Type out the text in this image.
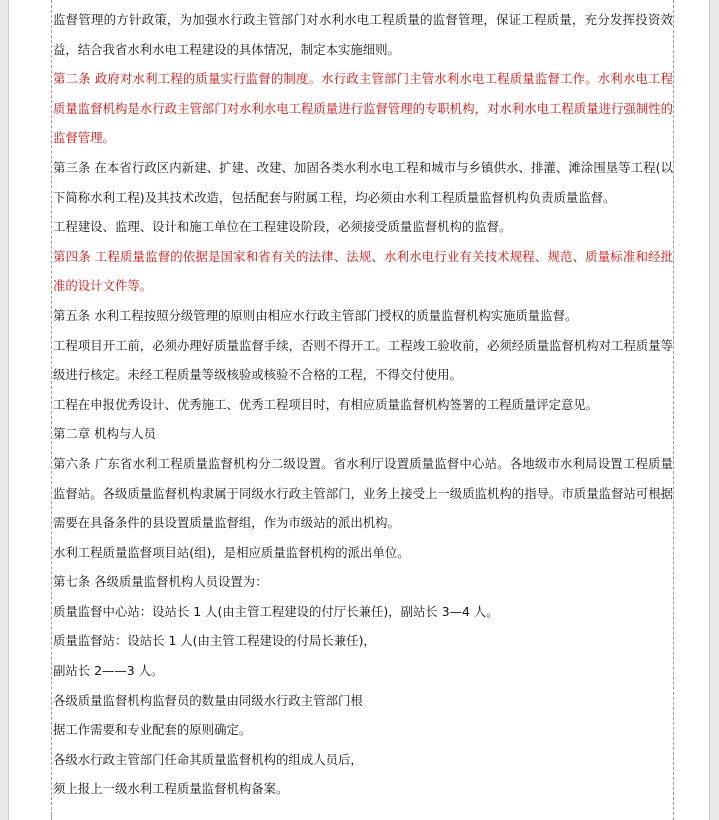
监督管理的方针政策，为加强水行政主管部门对水利水电工程质量的监督管理，保证工程质量，充分发挥投资效益，结合我省水利水电工程建设的具体情况，制定本实施细则。

第二条 政府对水利工程的质量实行监督的制度。水行政主管部门主管水利水电工程质量监督工作。水利水电工程质量监督机构是水行政主管部门对水利水电工程质量进行监督管理的专职机构，对水利水电工程质量进行强制性的监督管理。

第三条 在本省行政区内新建、扩建、改建、加固各类水利水电工程和城市与乡镇供水、排灌、滩涂围垦等工程(以下简称水利工程)及其技术改造，包括配套与附属工程，均必须由水利工程质量监督机构负责质量监督。

工程建设、监理、设计和施工单位在工程建设阶段，必须接受质量监督机构的监督。

第四条 工程质量监督的依据是国家和省有关的法律、法规、水利水电行业有关技术规程、规范、质量标准和经批准的设计文件等。

第五条 水利工程按照分级管理的原则由相应水行政主管部门授权的质量监督机构实施质量监督。

工程项目开工前，必须办理好质量监督手续，否则不得开工。工程竣工验收前，必须经质量监督机构对工程质量等级进行核定。未经工程质量等级核验或核验不合格的工程，不得交付使用。

工程在申报优秀设计、优秀施工、优秀工程项目时，有相应质量监督机构签署的工程质量评定意见。

第二章 机构与人员

第六条 广东省水利工程质量监督机构分二级设置。省水利厅设置质量监督中心站。各地级市水利局设置工程质量监督站。各级质量监督机构隶属于同级水行政主管部门，业务上接受上一级质监机构的指导。市质量监督站可根据需要在具备条件的县设置质量监督组，作为市级站的派出机构。

水利工程质量监督项目站(组)，是相应质量监督机构的派出单位。

第七条 各级质量监督机构人员设置为：

质量监督中心站：设站长 1 人(由主管工程建设的付厅长兼任)，副站长 3—4 人。

质量监督站：设站长 1 人(由主管工程建设的付局长兼任)，

副站长 2——3 人。

各级质量监督机构监督员的数量由同级水行政主管部门根

据工作需要和专业配套的原则确定。

各级水行政主管部门任命其质量监督机构的组成人员后，

须上报上一级水利工程质量监督机构备案。
